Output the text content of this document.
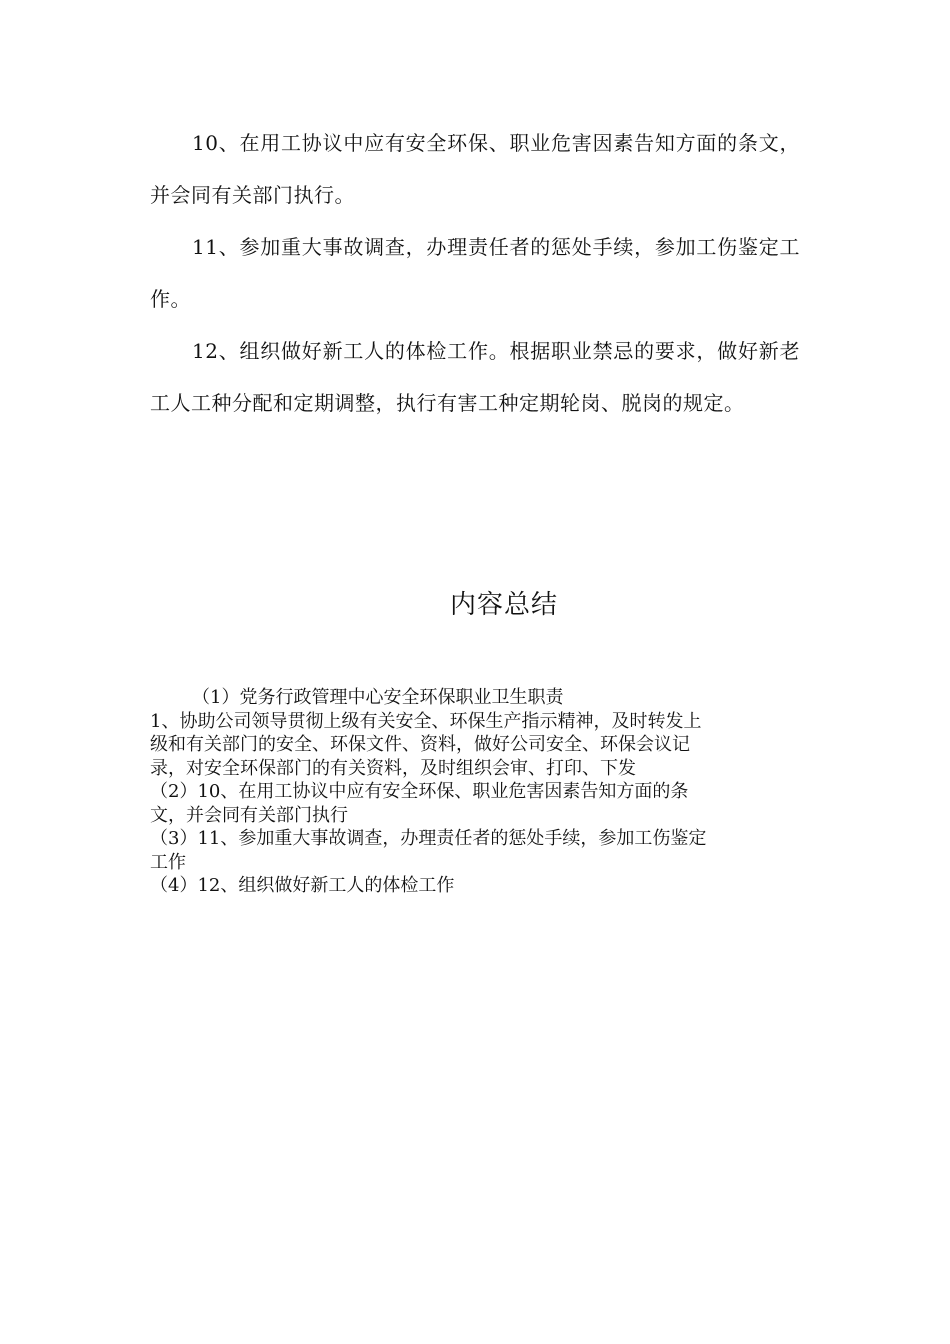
10、在用工协议中应有安全环保、职业危害因素告知方面的条文，并会同有关部门执行。

11、参加重大事故调查，办理责任者的惩处手续，参加工伤鉴定工作。

12、组织做好新工人的体检工作。根据职业禁忌的要求，做好新老工人工种分配和定期调整，执行有害工种定期轮岗、脱岗的规定。

内容总结

（1）党务行政管理中心安全环保职业卫生职责

1、协助公司领导贯彻上级有关安全、环保生产指示精神，及时转发上

级和有关部门的安全、环保文件、资料，做好公司安全、环保会议记

录，对安全环保部门的有关资料，及时组织会审、打印、下发

（2）10、在用工协议中应有安全环保、职业危害因素告知方面的条

文，并会同有关部门执行

（3）11、参加重大事故调查，办理责任者的惩处手续，参加工伤鉴定

工作

（4）12、组织做好新工人的体检工作
